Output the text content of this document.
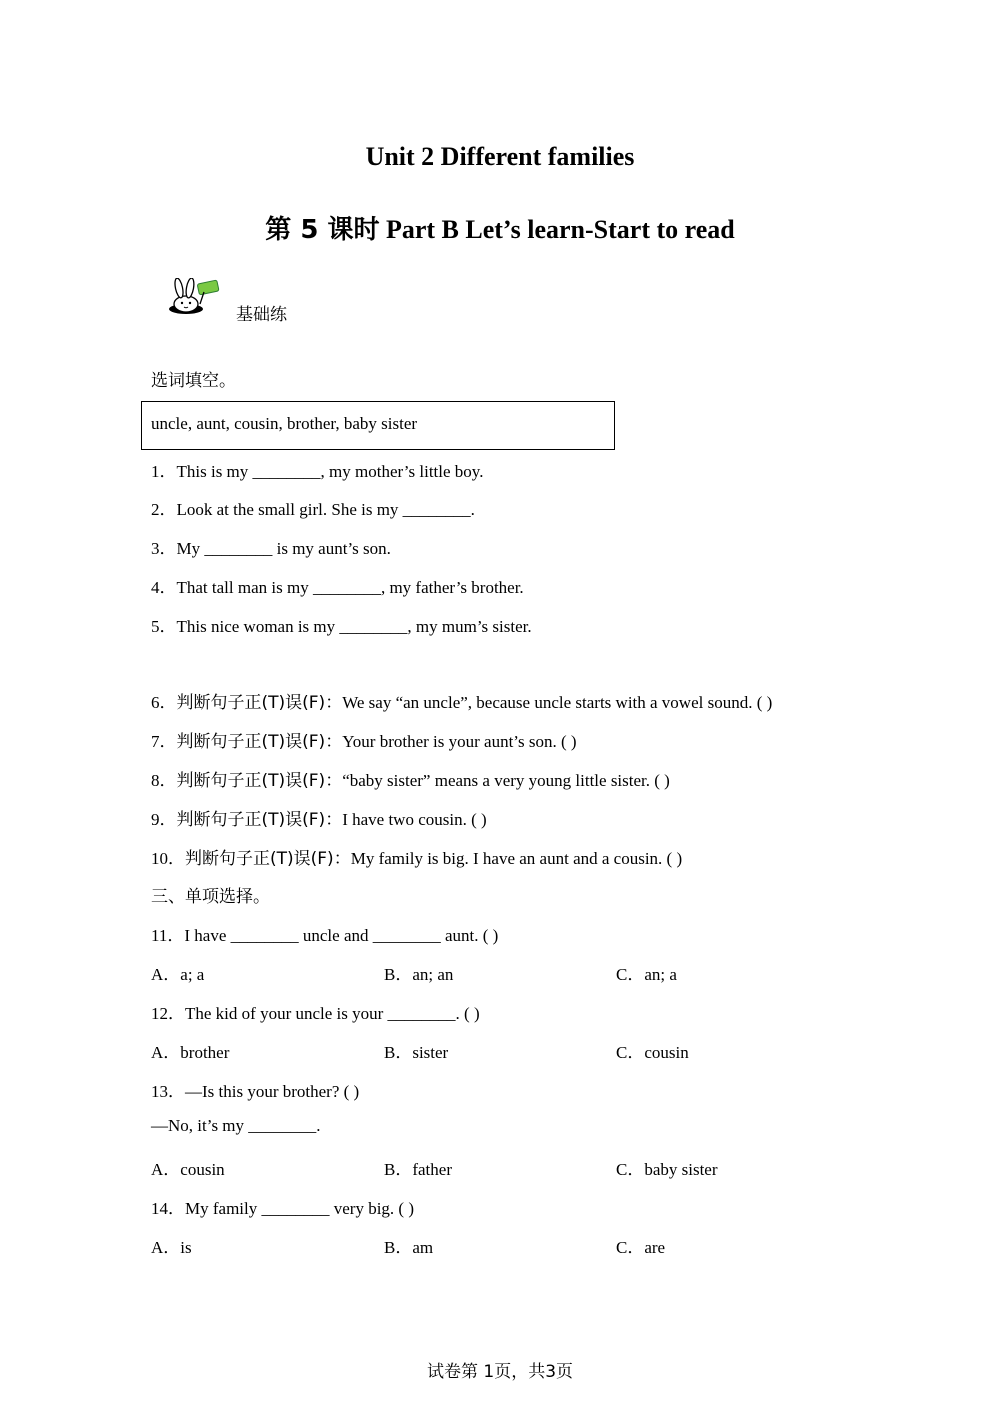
Unit 2 Different families
第 5 课时 Part B Let’s learn-Start to read
基础练
选词填空。
uncle, aunt, cousin, brother, baby sister
1．This is my ________, my mother’s little boy.
2．Look at the small girl. She is my ________.
3．My ________ is my aunt’s son.
4．That tall man is my ________, my father’s brother.
5．This nice woman is my ________, my mum’s sister.
6．判断句子正(T)误(F)：We say “an uncle”, because uncle starts with a vowel sound. ( )
7．判断句子正(T)误(F)：Your brother is your aunt’s son. ( )
8．判断句子正(T)误(F)：“baby sister” means a very young little sister. ( )
9．判断句子正(T)误(F)：I have two cousin. ( )
10．判断句子正(T)误(F)：My family is big. I have an aunt and a cousin. ( )
三、单项选择。
11．I have ________ uncle and ________ aunt. ( )
A．a; a	B．an; an	C．an; a
12．The kid of your uncle is your ________. ( )
A．brother	B．sister	C．cousin
13．—Is this your brother? ( )
—No, it’s my ________.
A．cousin	B．father	C．baby sister
14．My family ________ very big. ( )
A．is	B．am	C．are
试卷第 1页，共3页
